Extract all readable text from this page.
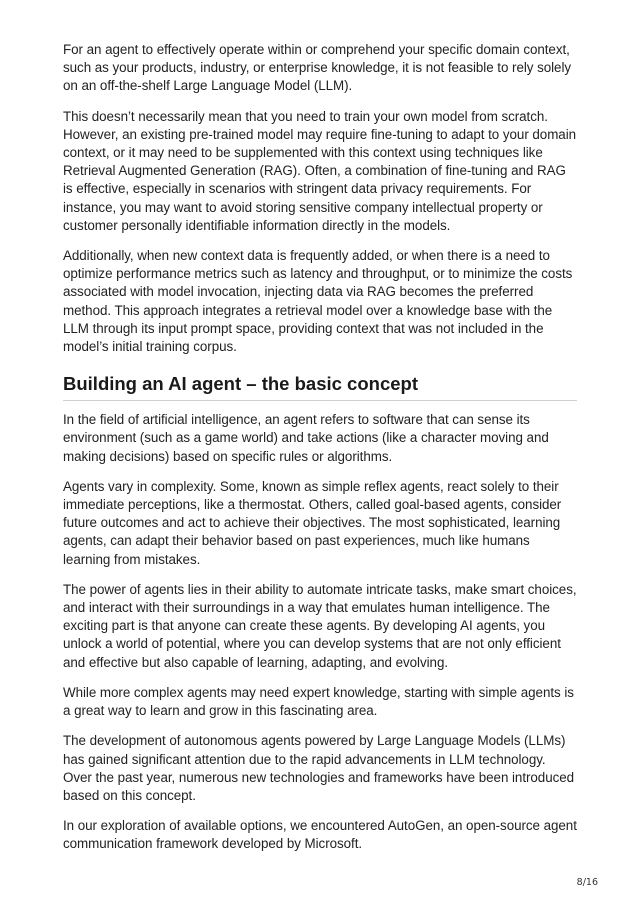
For an agent to effectively operate within or comprehend your specific domain context, such as your products, industry, or enterprise knowledge, it is not feasible to rely solely on an off-the-shelf Large Language Model (LLM).

This doesn’t necessarily mean that you need to train your own model from scratch. However, an existing pre-trained model may require fine-tuning to adapt to your domain context, or it may need to be supplemented with this context using techniques like Retrieval Augmented Generation (RAG). Often, a combination of fine-tuning and RAG is effective, especially in scenarios with stringent data privacy requirements. For instance, you may want to avoid storing sensitive company intellectual property or customer personally identifiable information directly in the models.

Additionally, when new context data is frequently added, or when there is a need to optimize performance metrics such as latency and throughput, or to minimize the costs associated with model invocation, injecting data via RAG becomes the preferred method. This approach integrates a retrieval model over a knowledge base with the LLM through its input prompt space, providing context that was not included in the model’s initial training corpus.

Building an AI agent – the basic concept

In the field of artificial intelligence, an agent refers to software that can sense its environment (such as a game world) and take actions (like a character moving and making decisions) based on specific rules or algorithms.

Agents vary in complexity. Some, known as simple reflex agents, react solely to their immediate perceptions, like a thermostat. Others, called goal-based agents, consider future outcomes and act to achieve their objectives. The most sophisticated, learning agents, can adapt their behavior based on past experiences, much like humans learning from mistakes.

The power of agents lies in their ability to automate intricate tasks, make smart choices, and interact with their surroundings in a way that emulates human intelligence. The exciting part is that anyone can create these agents. By developing AI agents, you unlock a world of potential, where you can develop systems that are not only efficient and effective but also capable of learning, adapting, and evolving.

While more complex agents may need expert knowledge, starting with simple agents is a great way to learn and grow in this fascinating area.

The development of autonomous agents powered by Large Language Models (LLMs) has gained significant attention due to the rapid advancements in LLM technology. Over the past year, numerous new technologies and frameworks have been introduced based on this concept.

In our exploration of available options, we encountered AutoGen, an open-source agent communication framework developed by Microsoft.

8/16
